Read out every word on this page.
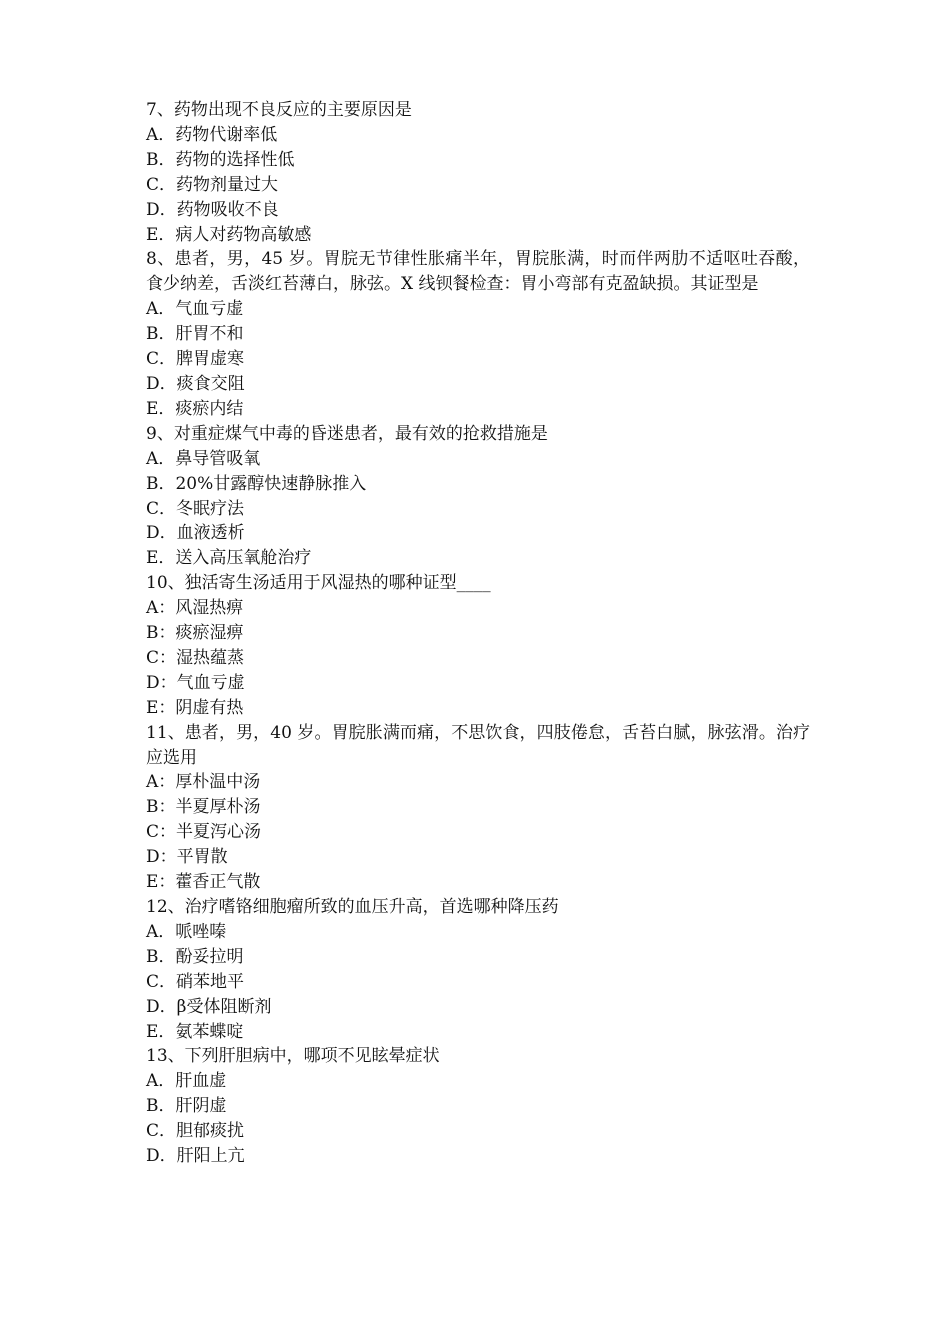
7、药物出现不良反应的主要原因是

A．药物代谢率低

B．药物的选择性低

C．药物剂量过大

D．药物吸收不良

E．病人对药物高敏感

8、患者，男，45 岁。胃脘无节律性胀痛半年，胃脘胀满，时而伴两肋不适呕吐吞酸，食少纳差，舌淡红苔薄白，脉弦。X 线钡餐检查：胃小弯部有克盈缺损。其证型是

A．气血亏虚

B．肝胃不和

C．脾胃虚寒

D．痰食交阻

E．痰瘀内结

9、对重症煤气中毒的昏迷患者，最有效的抢救措施是

A．鼻导管吸氧

B．20%甘露醇快速静脉推入

C．冬眠疗法

D．血液透析

E．送入高压氧舱治疗

10、独活寄生汤适用于风湿热的哪种证型____

A：风湿热痹

B：痰瘀湿痹

C：湿热蕴蒸

D：气血亏虚

E：阴虚有热

11、患者，男，40 岁。胃脘胀满而痛，不思饮食，四肢倦怠，舌苔白腻，脉弦滑。治疗应选用

A：厚朴温中汤

B：半夏厚朴汤

C：半夏泻心汤

D：平胃散

E：藿香正气散

12、治疗嗜铬细胞瘤所致的血压升高，首选哪种降压药

A．哌唑嗪

B．酚妥拉明

C．硝苯地平

D．β受体阻断剂

E．氨苯蝶啶

13、下列肝胆病中，哪项不见眩晕症状

A．肝血虚

B．肝阴虚

C．胆郁痰扰

D．肝阳上亢
